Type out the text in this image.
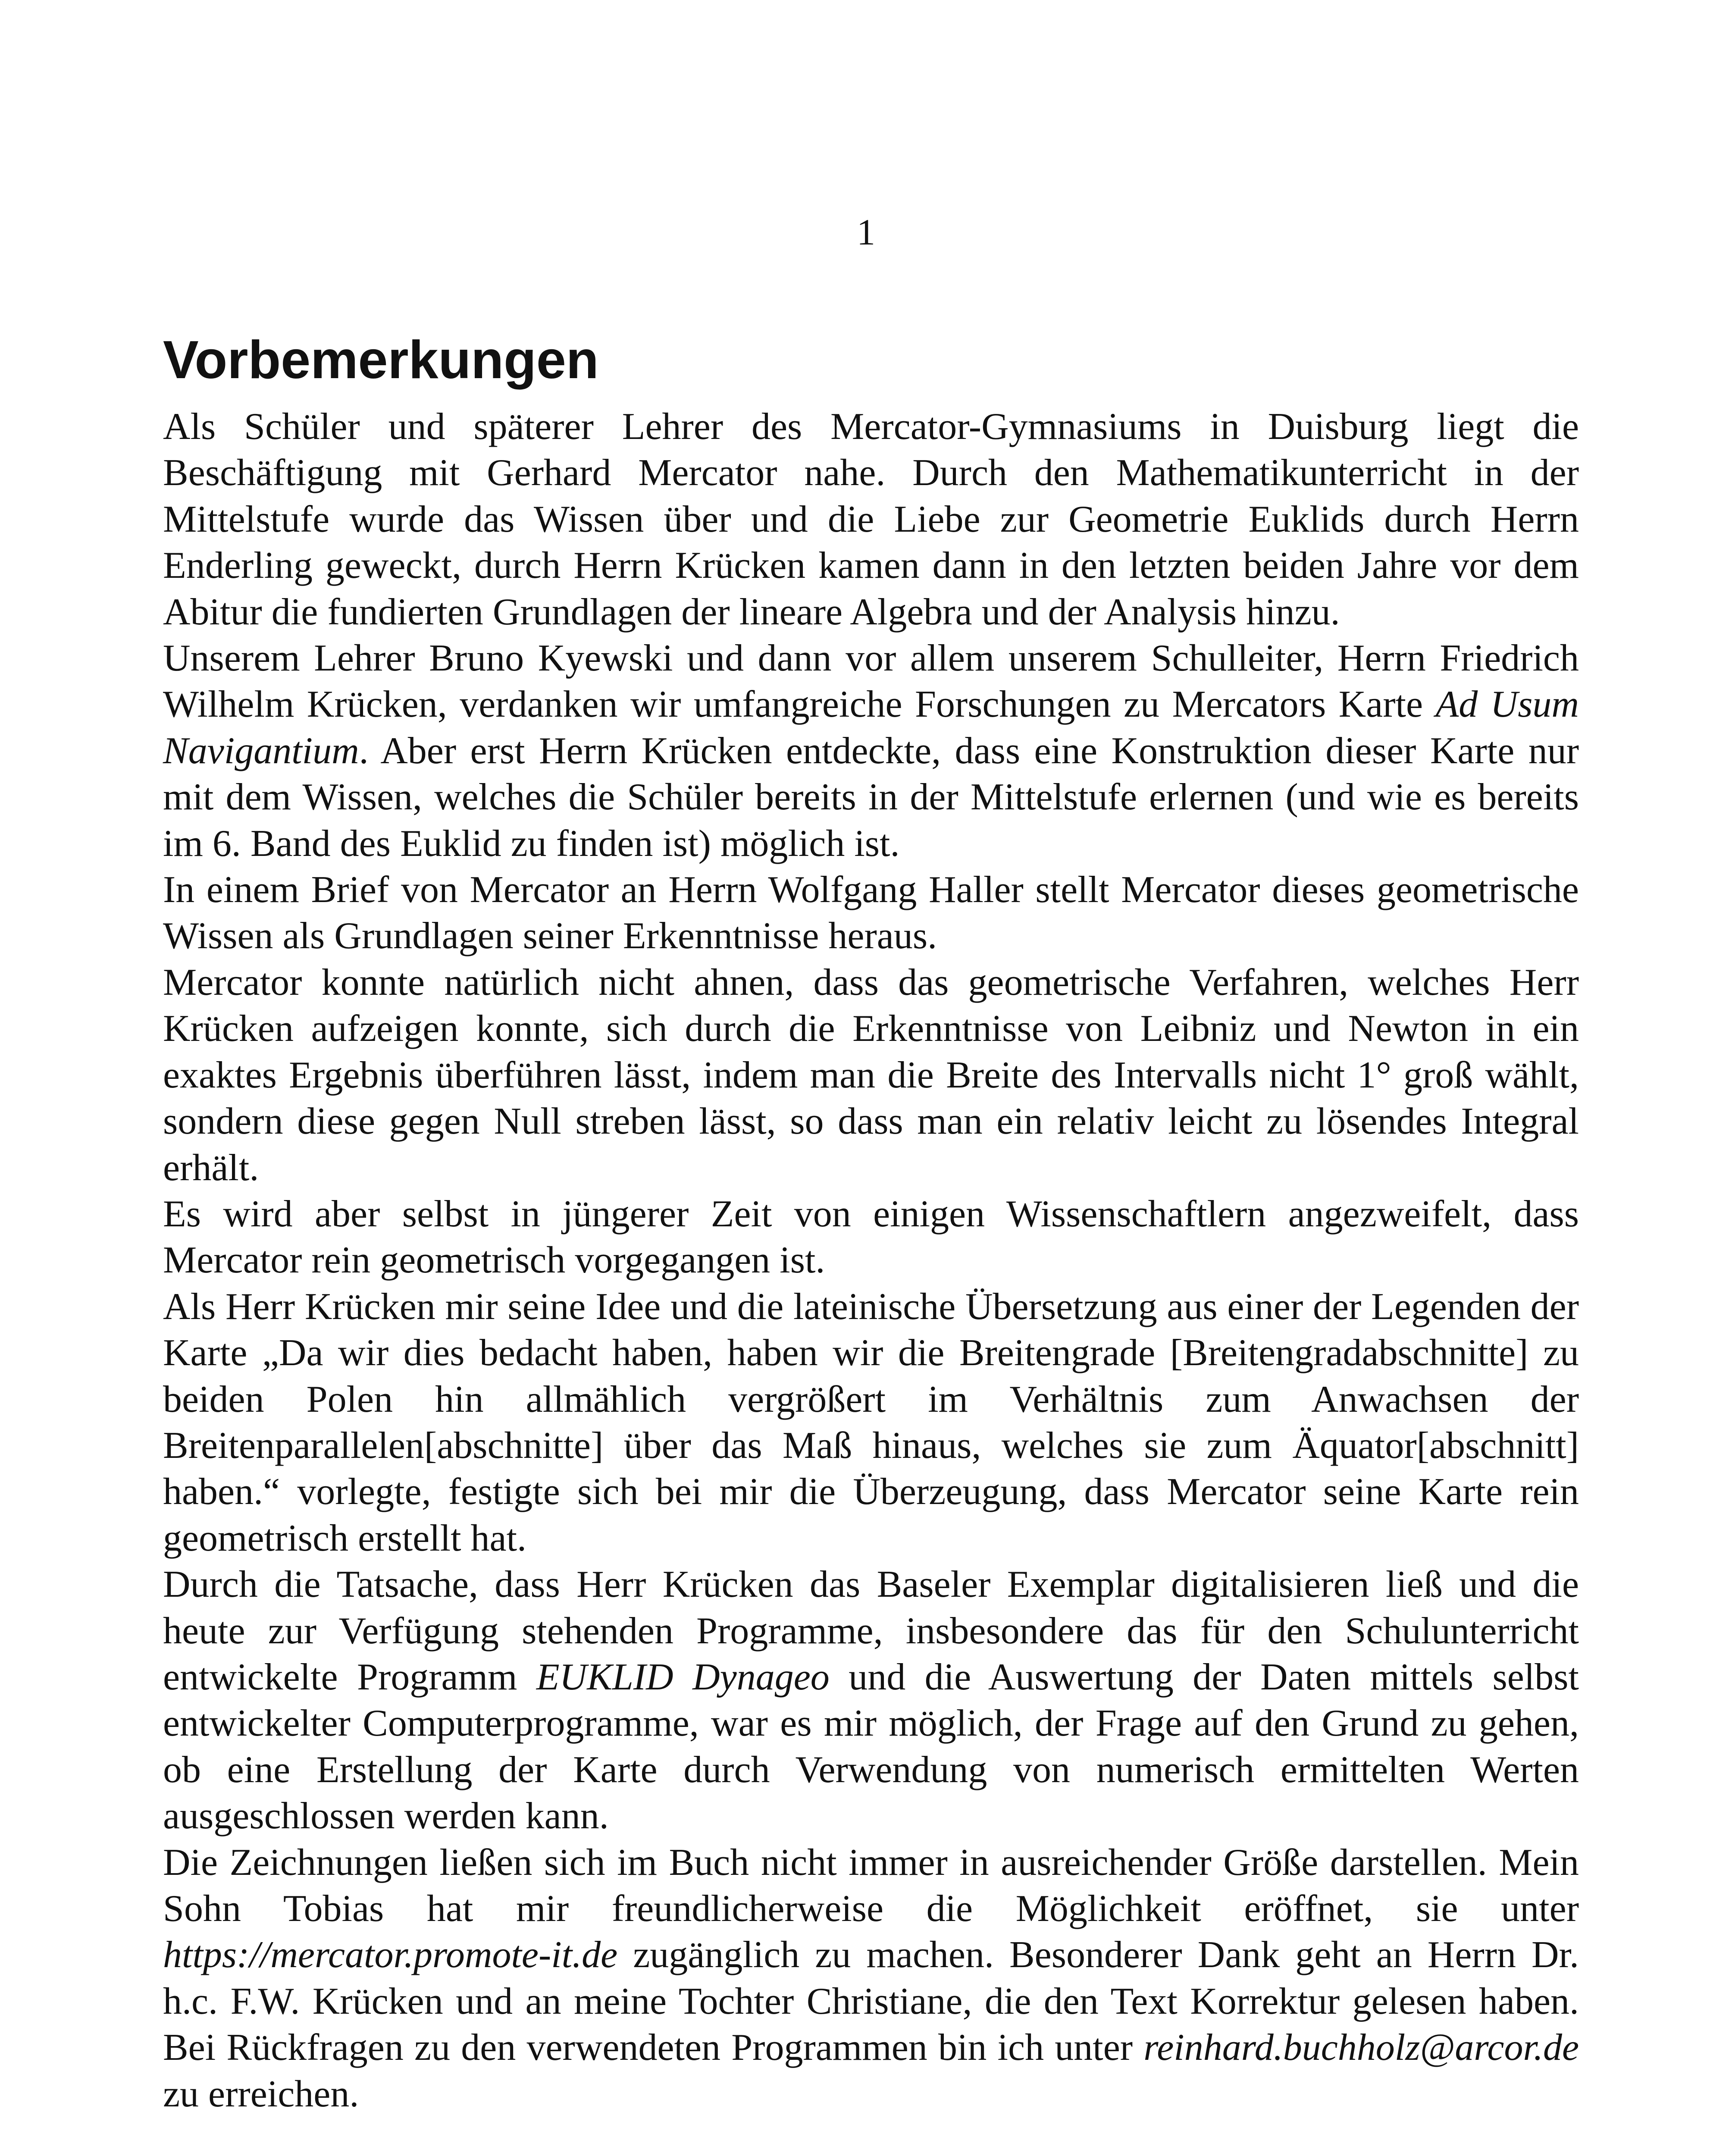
1
Vorbemerkungen

Als Schüler und späterer Lehrer des Mercator-Gymnasiums in Duisburg liegt die Beschäftigung mit Gerhard Mercator nahe. Durch den Mathematikunterricht in der Mittelstufe wurde das Wissen über und die Liebe zur Geometrie Euklids durch Herrn Enderling geweckt, durch Herrn Krücken kamen dann in den letzten beiden Jahre vor dem Abitur die fundierten Grundlagen der lineare Algebra und der Analysis hinzu.

Unserem Lehrer Bruno Kyewski und dann vor allem unserem Schulleiter, Herrn Friedrich Wilhelm Krücken, verdanken wir umfangreiche Forschungen zu Mercators Karte Ad Usum Navigantium. Aber erst Herrn Krücken entdeckte, dass eine Konstruktion dieser Karte nur mit dem Wissen, welches die Schüler bereits in der Mittelstufe erlernen (und wie es bereits im 6. Band des Euklid zu finden ist) möglich ist.

In einem Brief von Mercator an Herrn Wolfgang Haller stellt Mercator dieses geometrische Wissen als Grundlagen seiner Erkenntnisse heraus.

Mercator konnte natürlich nicht ahnen, dass das geometrische Verfahren, welches Herr Krücken aufzeigen konnte, sich durch die Erkenntnisse von Leibniz und Newton in ein exaktes Ergebnis überführen lässt, indem man die Breite des Intervalls nicht 1° groß wählt, sondern diese gegen Null streben lässt, so dass man ein relativ leicht zu lösendes Integral erhält.

Es wird aber selbst in jüngerer Zeit von einigen Wissenschaftlern angezweifelt, dass Mercator rein geometrisch vorgegangen ist.

Als Herr Krücken mir seine Idee und die lateinische Übersetzung aus einer der Legenden der Karte „Da wir dies bedacht haben, haben wir die Breitengrade [Breitengradabschnitte] zu beiden Polen hin allmählich vergrößert im Verhältnis zum Anwachsen der Breitenparallelen[abschnitte] über das Maß hinaus, welches sie zum Äquator[abschnitt] haben.“ vorlegte, festigte sich bei mir die Überzeugung, dass Mercator seine Karte rein geometrisch erstellt hat.

Durch die Tatsache, dass Herr Krücken das Baseler Exemplar digitalisieren ließ und die heute zur Verfügung stehenden Programme, insbesondere das für den Schulunterricht entwickelte Programm EUKLID Dynageo und die Auswertung der Daten mittels selbst entwickelter Computerprogramme, war es mir möglich, der Frage auf den Grund zu gehen, ob eine Erstellung der Karte durch Verwendung von numerisch ermittelten Werten ausgeschlossen werden kann.

Die Zeichnungen ließen sich im Buch nicht immer in ausreichender Größe darstellen. Mein Sohn Tobias hat mir freundlicherweise die Möglichkeit eröffnet, sie unter https://mercator.promote-it.de zugänglich zu machen. Besonderer Dank geht an Herrn Dr. h.c. F.W. Krücken und an meine Tochter Christiane, die den Text Korrektur gelesen haben. Bei Rückfragen zu den verwendeten Programmen bin ich unter reinhard.buchholz@arcor.de zu erreichen.
